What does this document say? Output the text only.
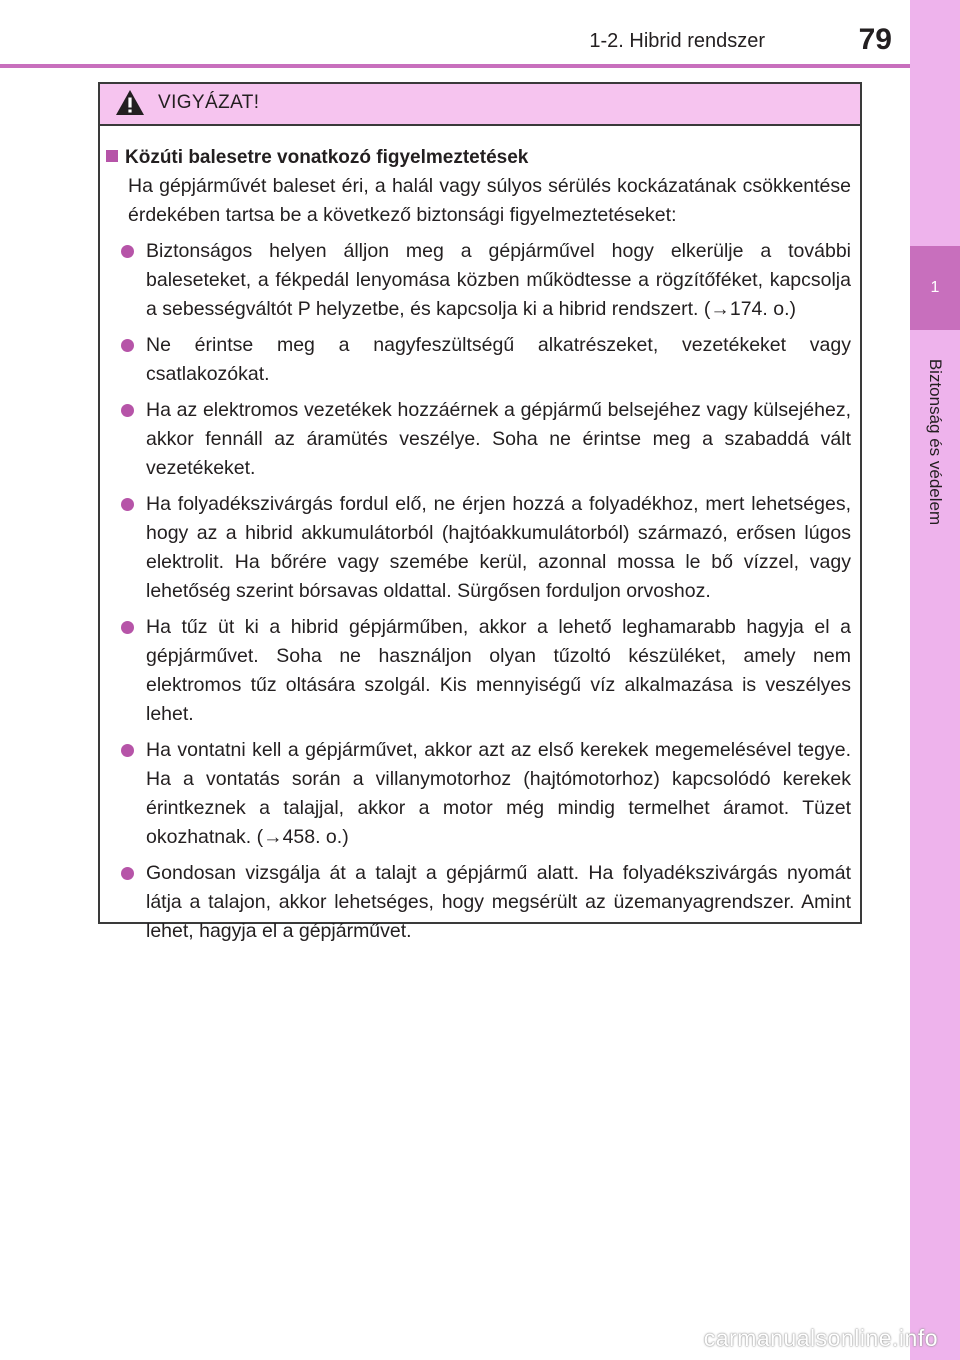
1-2. Hibrid rendszer	79
1
Biztonság és védelem
VIGYÁZAT!
Közúti balesetre vonatkozó figyelmeztetések
Ha gépjárművét baleset éri, a halál vagy súlyos sérülés kockázatának csökkentése érdekében tartsa be a következő biztonsági figyelmeztetéseket:
Biztonságos helyen álljon meg a gépjárművel hogy elkerülje a további baleseteket, a fékpedál lenyomása közben működtesse a rögzítőféket, kapcsolja a sebességváltót P helyzetbe, és kapcsolja ki a hibrid rendszert. (→174. o.)
Ne érintse meg a nagyfeszültségű alkatrészeket, vezetékeket vagy csatlakozókat.
Ha az elektromos vezetékek hozzáérnek a gépjármű belsejéhez vagy külsejéhez, akkor fennáll az áramütés veszélye. Soha ne érintse meg a szabaddá vált vezetékeket.
Ha folyadékszivárgás fordul elő, ne érjen hozzá a folyadékhoz, mert lehetséges, hogy az a hibrid akkumulátorból (hajtóakkumulátorból) származó, erősen lúgos elektrolit. Ha bőrére vagy szemébe kerül, azonnal mossa le bő vízzel, vagy lehetőség szerint bórsavas oldattal. Sürgősen forduljon orvoshoz.
Ha tűz üt ki a hibrid gépjárműben, akkor a lehető leghamarabb hagyja el a gépjárművet. Soha ne használjon olyan tűzoltó készüléket, amely nem elektromos tűz oltására szolgál. Kis mennyiségű víz alkalmazása is veszélyes lehet.
Ha vontatni kell a gépjárművet, akkor azt az első kerekek megemelésével tegye. Ha a vontatás során a villanymotorhoz (hajtómotorhoz) kapcsolódó kerekek érintkeznek a talajjal, akkor a motor még mindig termelhet áramot. Tüzet okozhatnak. (→458. o.)
Gondosan vizsgálja át a talajt a gépjármű alatt. Ha folyadékszivárgás nyomát látja a talajon, akkor lehetséges, hogy megsérült az üzemanyagrendszer. Amint lehet, hagyja el a gépjárművet.
carmanualsonline.info
